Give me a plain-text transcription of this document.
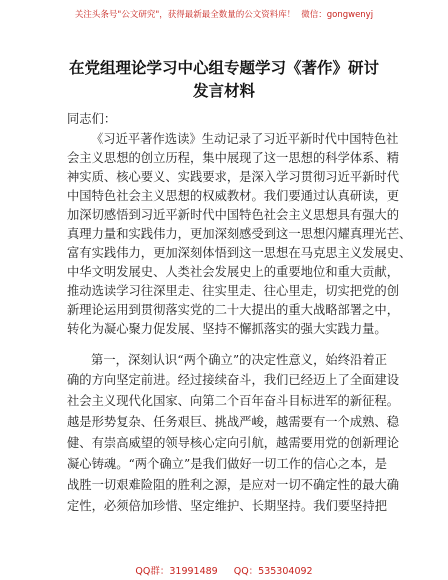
关注头条号"公文研究"，获得最新最全数量的公文资料库！ 微信：gongwenyj
在党组理论学习中心组专题学习《著作》研讨
发言材料
同志们：
《习近平著作选读》生动记录了习近平新时代中国特色社
会主义思想的创立历程，集中展现了这一思想的科学体系、精
神实质、核心要义、实践要求，是深入学习贯彻习近平新时代
中国特色社会主义思想的权威教材。我们要通过认真研读，更
加深切感悟到习近平新时代中国特色社会主义思想具有强大的
真理力量和实践伟力，更加深刻感受到这一思想闪耀真理光芒、
富有实践伟力，更加深刻体悟到这一思想在马克思主义发展史、
中华文明发展史、人类社会发展史上的重要地位和重大贡献，
推动选读学习往深里走、往实里走、往心里走，切实把党的创
新理论运用到贯彻落实党的二十大提出的重大战略部署之中，
转化为凝心聚力促发展、坚持不懈抓落实的强大实践力量。
第一，深刻认识“两个确立”的决定性意义，始终沿着正
确的方向坚定前进。经过接续奋斗，我们已经迈上了全面建设
社会主义现代化国家、向第二个百年奋斗目标进军的新征程。
越是形势复杂、任务艰巨、挑战严峻，越需要有一个成熟、稳
健、有崇高威望的领导核心定向引航，越需要用党的创新理论
凝心铸魂。“两个确立”是我们做好一切工作的信心之本，是
战胜一切艰难险阻的胜利之源，是应对一切不确定性的最大确
定性，必须倍加珍惜、坚定维护、长期坚持。我们要坚持把
QQ群：31991489 QQ：535304092
